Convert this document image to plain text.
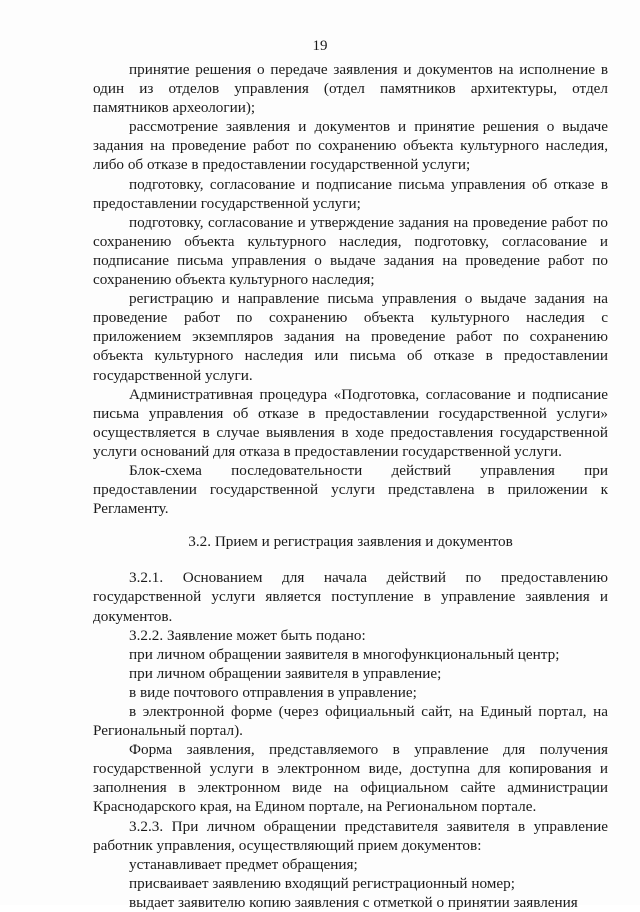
19

принятие решения о передаче заявления и документов на исполнение в один из отделов управления (отдел памятников архитектуры, отдел памятников археологии);

рассмотрение заявления и документов и принятие решения о выдаче задания на проведение работ по сохранению объекта культурного наследия, либо об отказе в предоставлении государственной услуги;

подготовку, согласование и подписание письма управления об отказе в предоставлении государственной услуги;

подготовку, согласование и утверждение задания на проведение работ по сохранению объекта культурного наследия, подготовку, согласование и подписание письма управления о выдаче задания на проведение работ по сохранению объекта культурного наследия;

регистрацию и направление письма управления о выдаче задания на проведение работ по сохранению объекта культурного наследия с приложением экземпляров задания на проведение работ по сохранению объекта культурного наследия или письма об отказе в предоставлении государственной услуги.

Административная процедура «Подготовка, согласование и подписание письма управления об отказе в предоставлении государственной услуги» осуществляется в случае выявления в ходе предоставления государственной услуги оснований для отказа в предоставлении государственной услуги.

Блок-схема последовательности действий управления при предоставлении государственной услуги представлена в приложении к Регламенту.

3.2. Прием и регистрация заявления и документов

3.2.1. Основанием для начала действий по предоставлению государственной услуги является поступление в управление заявления и документов.

3.2.2. Заявление может быть подано:

при личном обращении заявителя в многофункциональный центр;

при личном обращении заявителя в управление;

в виде почтового отправления в управление;

в электронной форме (через официальный сайт, на Единый портал, на Региональный портал).

Форма заявления, представляемого в управление для получения государственной услуги в электронном виде, доступна для копирования и заполнения в электронном виде на официальном сайте администрации Краснодарского края, на Едином портале, на Региональном портале.

3.2.3. При личном обращении представителя заявителя в управление работник управления, осуществляющий прием документов:

устанавливает предмет обращения;

присваивает заявлению входящий регистрационный номер;

выдает заявителю копию заявления с отметкой о принятии заявления
